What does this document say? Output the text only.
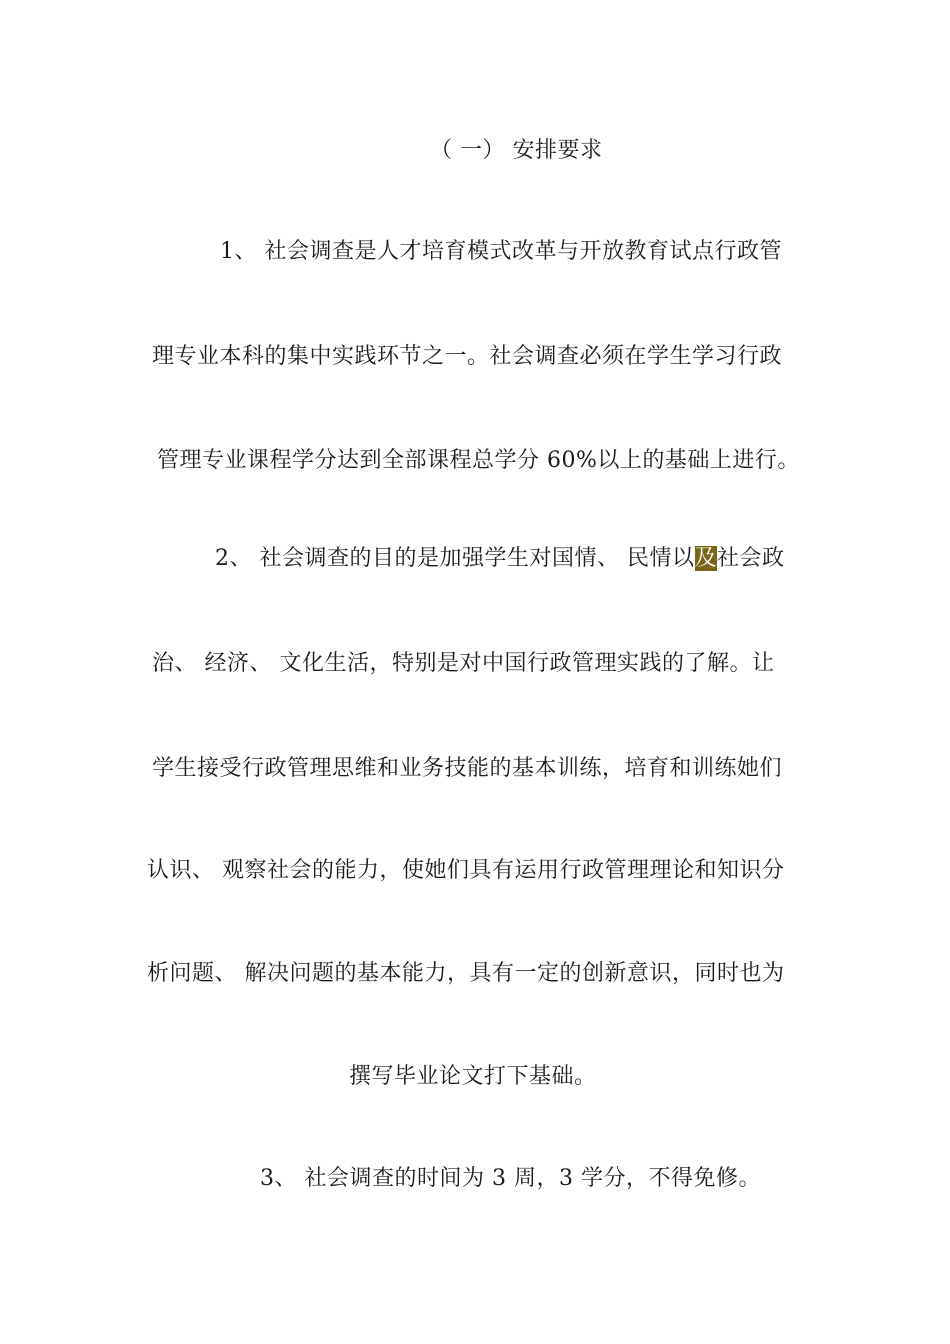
（ 一） 安排要求
1、 社会调查是人才培育模式改革与开放教育试点行政管
理专业本科的集中实践环节之一。社会调查必须在学生学习行政
管理专业课程学分达到全部课程总学分 60%以上的基础上进行。
2、 社会调查的目的是加强学生对国情、 民情以及社会政
治、 经济、 文化生活，特别是对中国行政管理实践的了解。让
学生接受行政管理思维和业务技能的基本训练，培育和训练她们
认识、 观察社会的能力，使她们具有运用行政管理理论和知识分
析问题、 解决问题的基本能力，具有一定的创新意识，同时也为
撰写毕业论文打下基础。
3、 社会调查的时间为 3 周，3 学分，不得免修。
